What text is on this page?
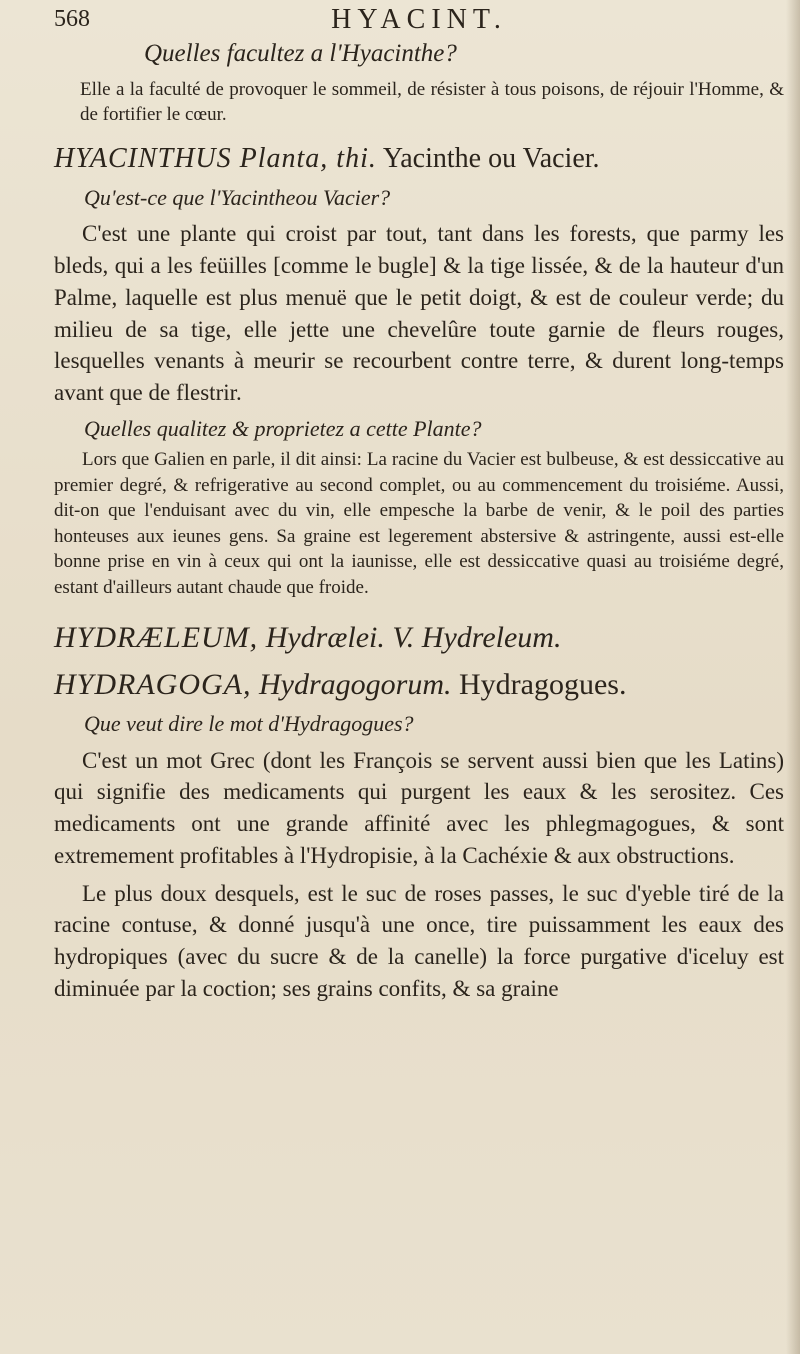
568	HYACINT.

Quelles facultez a l'Hyacinthe?

Elle a la faculté de provoquer le sommeil, de résister à tous poisons, de réjouir l'Homme, & de fortifier le cœur.

HYACINTHUS Planta, thi. Yacinthe ou Vacier.

Qu'est-ce que l'Yacintheou Vacier?

C'est une plante qui croist par tout, tant dans les forests, que parmy les bleds, qui a les feüilles [comme le bugle] & la tige lissée, & de la hauteur d'un Palme, laquelle est plus menuë que le petit doigt, & est de couleur verde; du milieu de sa tige, elle jette une chevelûre toute garnie de fleurs rouges, lesquelles venants à meurir se recourbent contre terre, & durent long-temps avant que de flestrir.

Quelles qualitez & proprietez a cette Plante?

Lors que Galien en parle, il dit ainsi: La racine du Vacier est bulbeuse, & est dessiccative au premier degré, & refrigerative au second complet, ou au commencement du troisiéme. Aussi, dit-on que l'enduisant avec du vin, elle empesche la barbe de venir, & le poil des parties honteuses aux ieunes gens. Sa graine est legerement abstersive & astringente, aussi est-elle bonne prise en vin à ceux qui ont la iaunisse, elle est dessiccative quasi au troisiéme degré, estant d'ailleurs autant chaude que froide.

HYDRÆLEUM, Hydrælei. V. Hydreleum.
HYDRAGOGA, Hydragogorum. Hydragogues.

Que veut dire le mot d'Hydragogues?

C'est un mot Grec (dont les François se servent aussi bien que les Latins) qui signifie des medicaments qui purgent les eaux & les serositez. Ces medicaments ont une grande affinité avec les phlegmagogues, & sont extremement profitables à l'Hydropisie, à la Cachéxie & aux obstructions.

Le plus doux desquels, est le suc de roses passes, le suc d'yeble tiré de la racine contuse, & donné jusqu'à une once, tire puissamment les eaux des hydropiques (avec du sucre & de la canelle) la force purgative d'iceluy est diminuée par la coction; ses grains confits, & sa graine
